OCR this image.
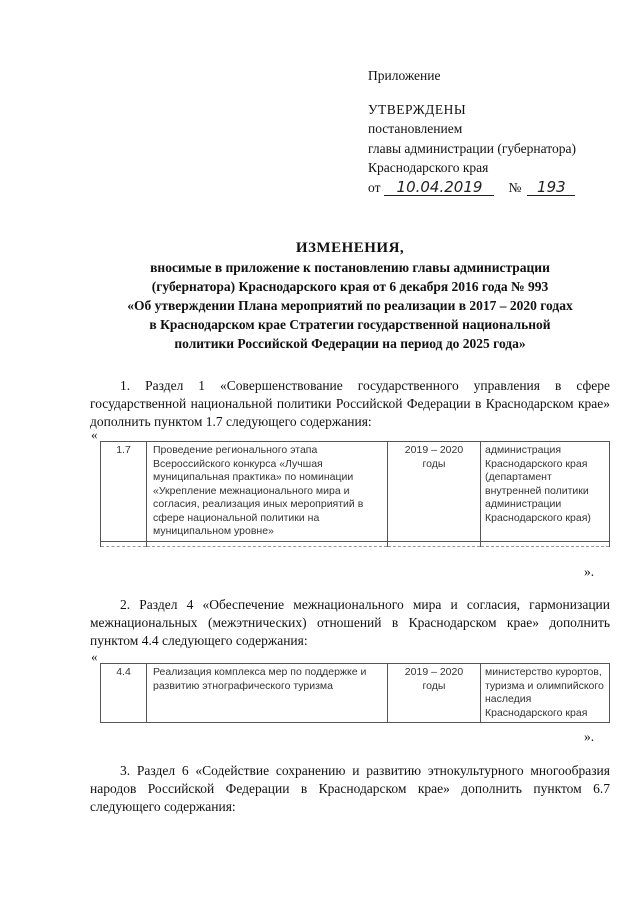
Приложение
УТВЕРЖДЕНЫ
постановлением
главы администрации (губернатора)
Краснодарского края
от	10.04.2019	№	193
ИЗМЕНЕНИЯ,
вносимые в приложение к постановлению главы администрации
(губернатора) Краснодарского края от 6 декабря 2016 года № 993
«Об утверждении Плана мероприятий по реализации в 2017 – 2020 годах
в Краснодарском крае Стратегии государственной национальной
политики Российской Федерации на период до 2025 года»
1. Раздел 1 «Совершенствование государственного управления в сфере государственной национальной политики Российской Федерации в Краснодарском крае» дополнить пунктом 1.7 следующего содержания:
«
1.7	Проведение регионального этапа Всероссийского конкурса «Лучшая муниципальная практика» по номинации «Укрепление межнационального мира и согласия, реализация иных мероприятий в сфере национальной политики на муниципальном уровне»	2019 – 2020 годы	администрация Краснодарского края (департамент внутренней политики администрации Краснодарского края)

».
2. Раздел 4 «Обеспечение межнационального мира и согласия, гармонизации межнациональных (межэтнических) отношений в Краснодарском крае» дополнить пунктом 4.4 следующего содержания:
«
4.4	Реализация комплекса мер по поддержке и развитию этнографического туризма	2019 – 2020 годы	министерство курортов, туризма и олимпийского наследия Краснодарского края
».
3. Раздел 6 «Содействие сохранению и развитию этнокультурного многообразия народов Российской Федерации в Краснодарском крае» дополнить пунктом 6.7 следующего содержания:
